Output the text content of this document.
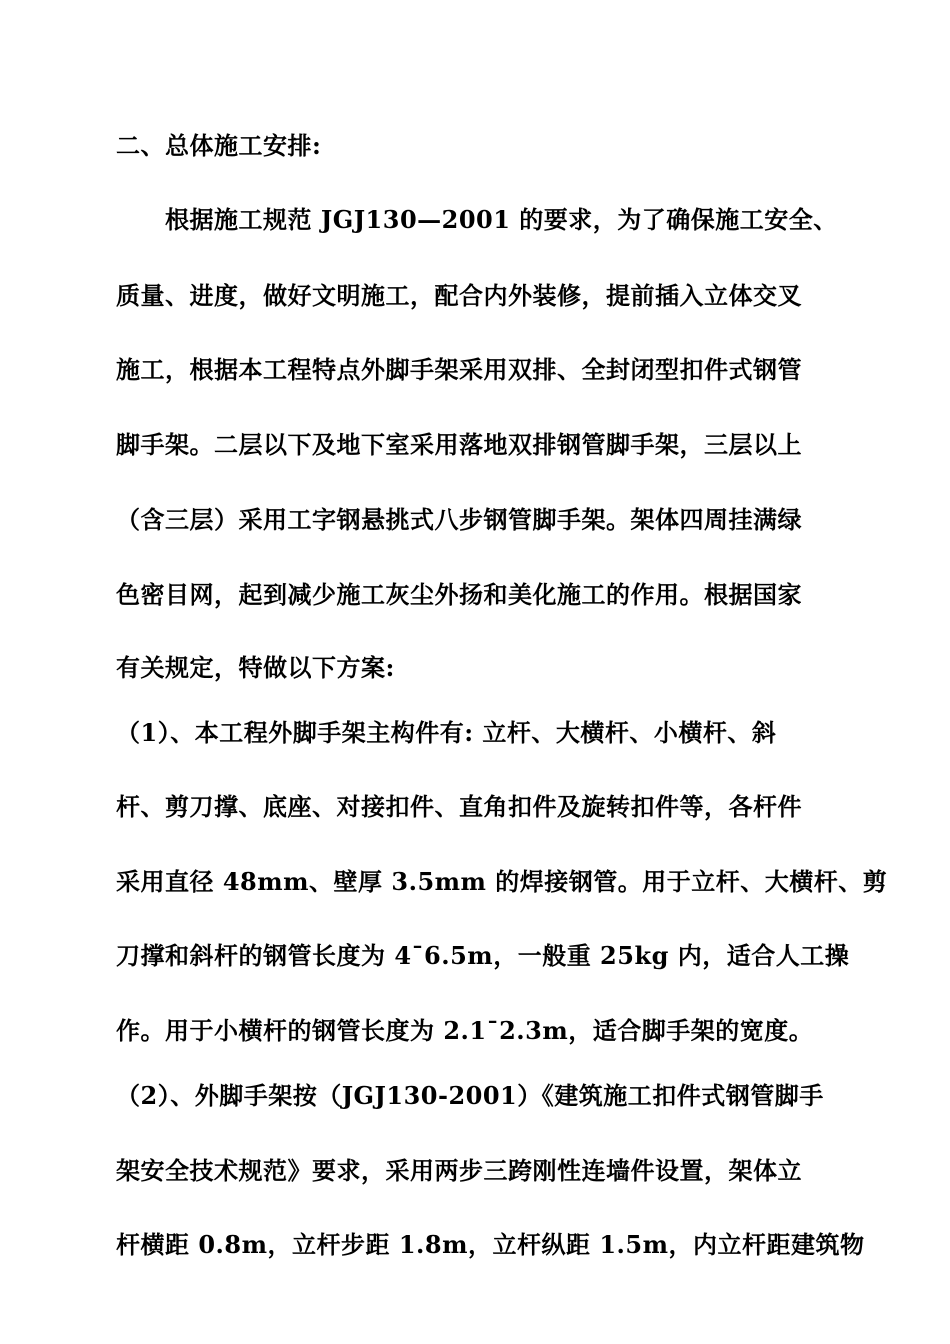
二、总体施工安排:
　　根据施工规范 JGJ130—2001 的要求，为了确保施工安全、
质量、进度，做好文明施工，配合内外装修，提前插入立体交叉
施工，根据本工程特点外脚手架采用双排、全封闭型扣件式钢管
脚手架。二层以下及地下室采用落地双排钢管脚手架，三层以上
（含三层）采用工字钢悬挑式八步钢管脚手架。架体四周挂满绿
色密目网，起到减少施工灰尘外扬和美化施工的作用。根据国家
有关规定，特做以下方案:
（1）、本工程外脚手架主构件有: 立杆、大横杆、小横杆、斜
杆、剪刀撑、底座、对接扣件、直角扣件及旋转扣件等，各杆件
采用直径 48mm、壁厚 3.5mm 的焊接钢管。用于立杆、大横杆、剪
刀撑和斜杆的钢管长度为 4¯6.5m，一般重 25kg 内，适合人工操
作。用于小横杆的钢管长度为 2.1¯2.3m，适合脚手架的宽度。
（2）、外脚手架按（JGJ130-2001）《建筑施工扣件式钢管脚手
架安全技术规范》要求，采用两步三跨刚性连墙件设置，架体立
杆横距 0.8m，立杆步距 1.8m，立杆纵距 1.5m，内立杆距建筑物
